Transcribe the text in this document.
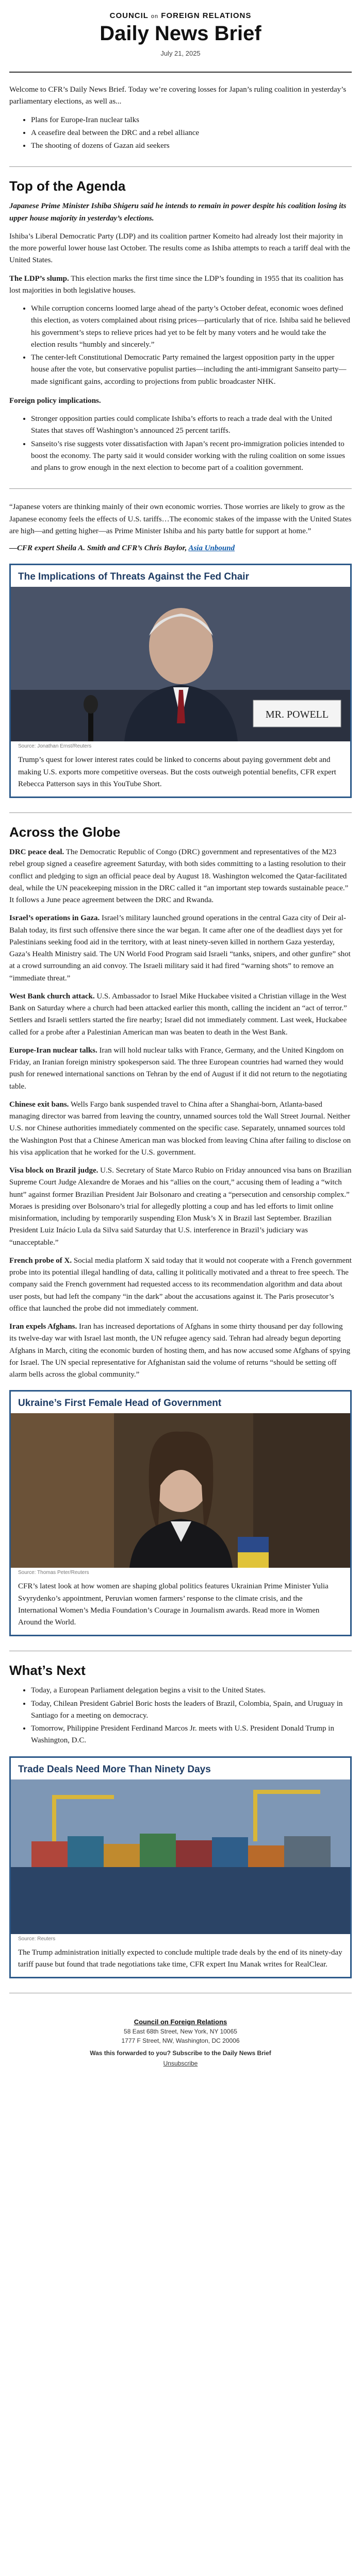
COUNCIL on FOREIGN RELATIONS
Daily News Brief
July 21, 2025

Welcome to CFR’s Daily News Brief. Today we’re covering losses for Japan’s ruling coalition in yesterday’s parliamentary elections, as well as...

• Plans for Europe-Iran nuclear talks
• A ceasefire deal between the DRC and a rebel alliance
• The shooting of dozens of Gazan aid seekers
Top of the Agenda

Japanese Prime Minister Ishiba Shigeru said he intends to remain in power despite his coalition losing its upper house majority in yesterday’s elections.

Ishiba’s Liberal Democratic Party (LDP) and its coalition partner Komeito had already lost their majority in the more powerful lower house last October. The results come as Ishiba attempts to reach a tariff deal with the United States.

The LDP’s slump. This election marks the first time since the LDP’s founding in 1955 that its coalition has lost majorities in both legislative houses.

• While corruption concerns loomed large ahead of the party’s October defeat, economic woes defined this election, as voters complained about rising prices—particularly that of rice. Ishiba said he believed his government’s steps to relieve prices had yet to be felt by many voters and he would take the election results “humbly and sincerely.”
• The center-left Constitutional Democratic Party remained the largest opposition party in the upper house after the vote, but conservative populist parties—including the anti-immigrant Sanseito party—made significant gains, according to projections from public broadcaster NHK.

Foreign policy implications.

• Stronger opposition parties could complicate Ishiba’s efforts to reach a trade deal with the United States that staves off Washington’s announced 25 percent tariffs.
• Sanseito’s rise suggests voter dissatisfaction with Japan’s recent pro-immigration policies intended to boost the economy. The party said it would consider working with the ruling coalition on some issues and plans to grow enough in the next election to become part of a coalition government.

“Japanese voters are thinking mainly of their own economic worries. Those worries are likely to grow as the Japanese economy feels the effects of U.S. tariffs…The economic stakes of the impasse with the United States are high—and getting higher—as Prime Minister Ishiba and his party battle for support at home.”

—CFR expert Sheila A. Smith and CFR’s Chris Baylor, Asia Unbound

The Implications of Threats Against the Fed Chair
MR. POWELL
Source: Jonathan Ernst/Reuters
Trump’s quest for lower interest rates could be linked to concerns about paying government debt and making U.S. exports more competitive overseas. But the costs outweigh potential benefits, CFR expert Rebecca Patterson says in this YouTube Short.
Across the Globe

DRC peace deal. The Democratic Republic of Congo (DRC) government and representatives of the M23 rebel group signed a ceasefire agreement Saturday, with both sides committing to a lasting resolution to their conflict and pledging to sign an official peace deal by August 18. Washington welcomed the Qatar-facilitated deal, while the UN peacekeeping mission in the DRC called it “an important step towards sustainable peace.” It follows a June peace agreement between the DRC and Rwanda.

Israel’s operations in Gaza. Israel’s military launched ground operations in the central Gaza city of Deir al-Balah today, its first such offensive there since the war began. It came after one of the deadliest days yet for Palestinians seeking food aid in the territory, with at least ninety-seven killed in northern Gaza yesterday, Gaza’s Health Ministry said. The UN World Food Program said Israeli “tanks, snipers, and other gunfire” shot at a crowd surrounding an aid convoy. The Israeli military said it had fired “warning shots” to remove an “immediate threat.”

West Bank church attack. U.S. Ambassador to Israel Mike Huckabee visited a Christian village in the West Bank on Saturday where a church had been attacked earlier this month, calling the incident an “act of terror.” Settlers and Israeli settlers started the fire nearby; Israel did not immediately comment. Last week, Huckabee called for a probe after a Palestinian American man was beaten to death in the West Bank.

Europe-Iran nuclear talks. Iran will hold nuclear talks with France, Germany, and the United Kingdom on Friday, an Iranian foreign ministry spokesperson said. The three European countries had warned they would push for renewed international sanctions on Tehran by the end of August if it did not return to the negotiating table.

Chinese exit bans. Wells Fargo bank suspended travel to China after a Shanghai-born, Atlanta-based managing director was barred from leaving the country, unnamed sources told the Wall Street Journal. Neither U.S. nor Chinese authorities immediately commented on the specific case. Separately, unnamed sources told the Washington Post that a Chinese American man was blocked from leaving China after failing to disclose on his visa application that he worked for the U.S. government.

Visa block on Brazil judge. U.S. Secretary of State Marco Rubio on Friday announced visa bans on Brazilian Supreme Court Judge Alexandre de Moraes and his “allies on the court,” accusing them of leading a “witch hunt” against former Brazilian President Jair Bolsonaro and creating a “persecution and censorship complex.” Moraes is presiding over Bolsonaro’s trial for allegedly plotting a coup and has led efforts to limit online misinformation, including by temporarily suspending Elon Musk’s X in Brazil last September. Brazilian President Luiz Inácio Lula da Silva said Saturday that U.S. interference in Brazil’s judiciary was “unacceptable.”

French probe of X. Social media platform X said today that it would not cooperate with a French government probe into its potential illegal handling of data, calling it politically motivated and a threat to free speech. The company said the French government had requested access to its recommendation algorithm and data about user posts, but had left the company “in the dark” about the accusations against it. The Paris prosecutor’s office that launched the probe did not immediately comment.

Iran expels Afghans. Iran has increased deportations of Afghans in some thirty thousand per day following its twelve-day war with Israel last month, the UN refugee agency said. Tehran had already begun deporting Afghans in March, citing the economic burden of hosting them, and has now accused some Afghans of spying for Israel. The UN special representative for Afghanistan said the volume of returns “should be setting off alarm bells across the global community.”

Ukraine’s First Female Head of Government
Source: Thomas Peter/Reuters
CFR’s latest look at how women are shaping global politics features Ukrainian Prime Minister Yulia Svyrydenko’s appointment, Peruvian women farmers’ response to the climate crisis, and the International Women’s Media Foundation’s Courage in Journalism awards. Read more in Women Around the World.
What’s Next
• Today, a European Parliament delegation begins a visit to the United States.
• Today, Chilean President Gabriel Boric hosts the leaders of Brazil, Colombia, Spain, and Uruguay in Santiago for a meeting on democracy.
• Tomorrow, Philippine President Ferdinand Marcos Jr. meets with U.S. President Donald Trump in Washington, D.C.
Trade Deals Need More Than Ninety Days
Source: Reuters
The Trump administration initially expected to conclude multiple trade deals by the end of its ninety-day tariff pause but found that trade negotiations take time, CFR expert Inu Manak writes for RealClear.
Council on Foreign Relations
58 East 68th Street, New York, NY 10065
1777 F Street, NW, Washington, DC 20006
Was this forwarded to you? Subscribe to the Daily News Brief
Unsubscribe
